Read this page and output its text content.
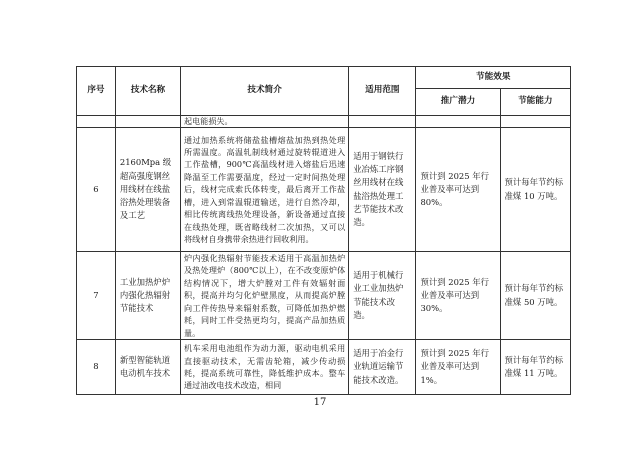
序号	技术名称	技术简介	适用范围	节能效果	
				推广潜力	节能能力
		起电能损失。			
6	2160Mpa 级超高强度钢丝用线材在线盐浴热处理装备及工艺	通过加热系统将储盐盐槽熔盐加热到热处理所需温度。高温轧制线材通过旋转辊道进入工作盐槽，900℃高温线材进入熔盐后迅速降温至工作需要温度，经过一定时间热处理后，线材完成索氏体转变，最后离开工作盐槽，进入到常温辊道输送，进行自然冷却，相比传统离线热处理设备，新设备通过直接在线热处理，既省略线材二次加热，又可以将线材自身携带余热进行回收利用。	适用于钢铁行业冶炼工序钢丝用线材在线盐浴热处理工艺节能技术改造。	预计到 2025 年行业普及率可达到 80%。	预计每年节约标准煤 10 万吨。
7	工业加热炉炉内强化热辐射节能技术	炉内强化热辐射节能技术适用于高温加热炉及热处理炉（800℃以上），在不改变原炉体结构情况下，增大炉膛对工件有效辐射面积，提高并均匀化炉壁黑度，从而提高炉膛向工件传热导来辐射系数，可降低加热炉燃耗，同时工件受热更均匀，提高产品加热质量。	适用于机械行业工业加热炉节能技术改造。	预计到 2025 年行业普及率可达到 30%。	预计每年节约标准煤 50 万吨。
8	新型智能轨道电动机车技术	机车采用电池组作为动力源，驱动电机采用直接驱动技术，无需齿轮箱，减少传动损耗，提高系统可靠性，降低维护成本。整车通过油改电技术改造，相同	适用于冶金行业轨道运输节能技术改造。	预计到 2025 年行业普及率可达到 1%。	预计每年节约标准煤 11 万吨。
17
